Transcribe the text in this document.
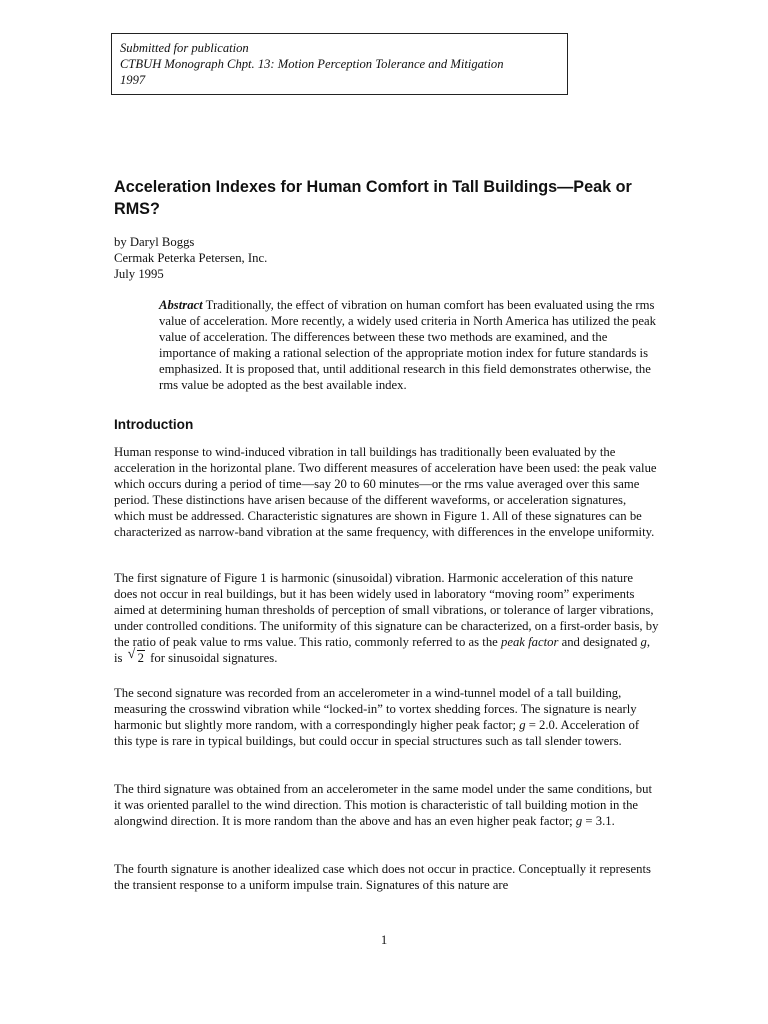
Submitted for publication
CTBUH Monograph Chpt. 13: Motion Perception Tolerance and Mitigation
1997
Acceleration Indexes for Human Comfort in Tall Buildings—Peak or RMS?
by Daryl Boggs
Cermak Peterka Petersen, Inc.
July 1995

Abstract Traditionally, the effect of vibration on human comfort has been evaluated using the rms value of acceleration. More recently, a widely used criteria in North America has utilized the peak value of acceleration. The differences between these two methods are examined, and the importance of making a rational selection of the appropriate motion index for future standards is emphasized. It is proposed that, until additional research in this field demonstrates otherwise, the rms value be adopted as the best available index.

Introduction

Human response to wind-induced vibration in tall buildings has traditionally been evaluated by the acceleration in the horizontal plane. Two different measures of acceleration have been used: the peak value which occurs during a period of time—say 20 to 60 minutes—or the rms value averaged over this same period. These distinctions have arisen because of the different waveforms, or acceleration signatures, which must be addressed. Characteristic signatures are shown in Figure 1. All of these signatures can be characterized as narrow-band vibration at the same frequency, with differences in the envelope uniformity.

The first signature of Figure 1 is harmonic (sinusoidal) vibration. Harmonic acceleration of this nature does not occur in real buildings, but it has been widely used in laboratory “moving room” experiments aimed at determining human thresholds of perception of small vibrations, or tolerance of larger vibrations, under controlled conditions. The uniformity of this signature can be characterized, on a first-order basis, by the ratio of peak value to rms value. This ratio, commonly referred to as the peak factor and designated g, is √ 2 for sinusoidal signatures.

The second signature was recorded from an accelerometer in a wind-tunnel model of a tall building, measuring the crosswind vibration while “locked-in” to vortex shedding forces. The signature is nearly harmonic but slightly more random, with a correspondingly higher peak factor; g = 2.0. Acceleration of this type is rare in typical buildings, but could occur in special structures such as tall slender towers.

The third signature was obtained from an accelerometer in the same model under the same conditions, but it was oriented parallel to the wind direction. This motion is characteristic of tall building motion in the alongwind direction. It is more random than the above and has an even higher peak factor; g = 3.1.

The fourth signature is another idealized case which does not occur in practice. Conceptually it represents the transient response to a uniform impulse train. Signatures of this nature are

1
